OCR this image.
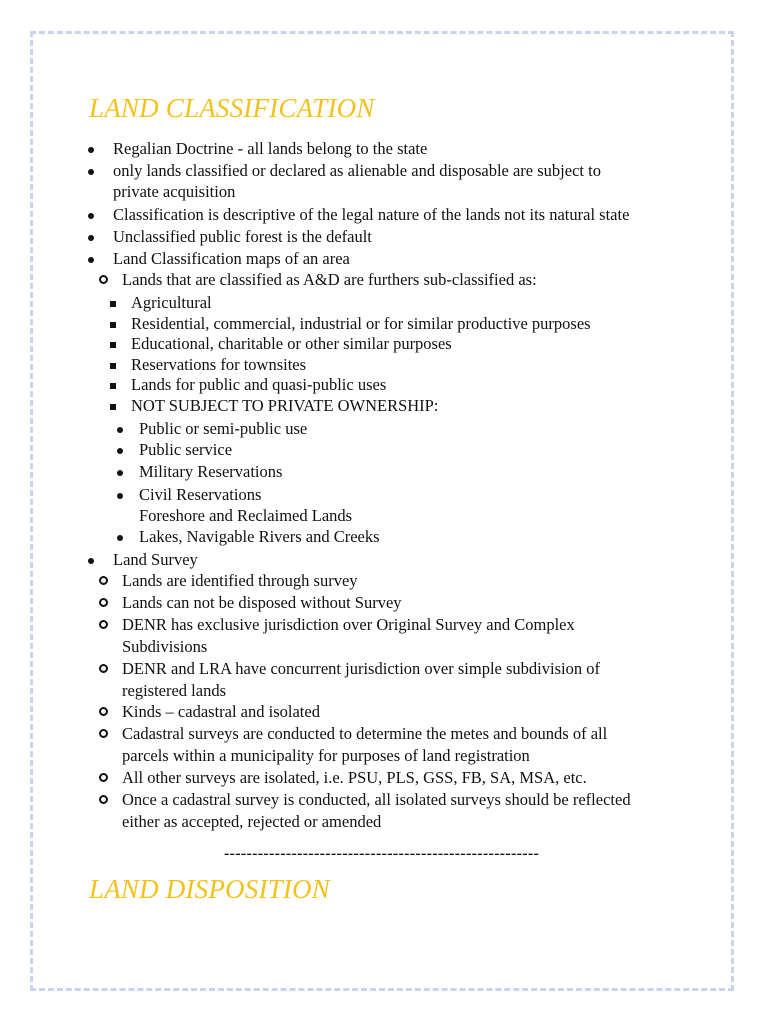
LAND CLASSIFICATION
Regalian Doctrine - all lands belong to the state
only lands classified or declared as alienable and disposable are subject to
private acquisition
Classification is descriptive of the legal nature of the lands not its natural state
Unclassified public forest is the default
Land Classification maps of an area
Lands that are classified as A&D are furthers sub-classified as:
Agricultural
Residential, commercial, industrial or for similar productive purposes
Educational, charitable or other similar purposes
Reservations for townsites
Lands for public and quasi-public uses
NOT SUBJECT TO PRIVATE OWNERSHIP:
Public or semi-public use
Public service
Military Reservations
Civil Reservations
Foreshore and Reclaimed Lands
Lakes, Navigable Rivers and Creeks
Land Survey
Lands are identified through survey
Lands can not be disposed without Survey
DENR has exclusive jurisdiction over Original Survey and Complex
Subdivisions
DENR and LRA have concurrent jurisdiction over simple subdivision of
registered lands
Kinds – cadastral and isolated
Cadastral surveys are conducted to determine the metes and bounds of all
parcels within a municipality for purposes of land registration
All other surveys are isolated, i.e. PSU, PLS, GSS, FB, SA, MSA, etc.
Once a cadastral survey is conducted, all isolated surveys should be reflected
either as accepted, rejected or amended
--------------------------------------------------------
LAND DISPOSITION
